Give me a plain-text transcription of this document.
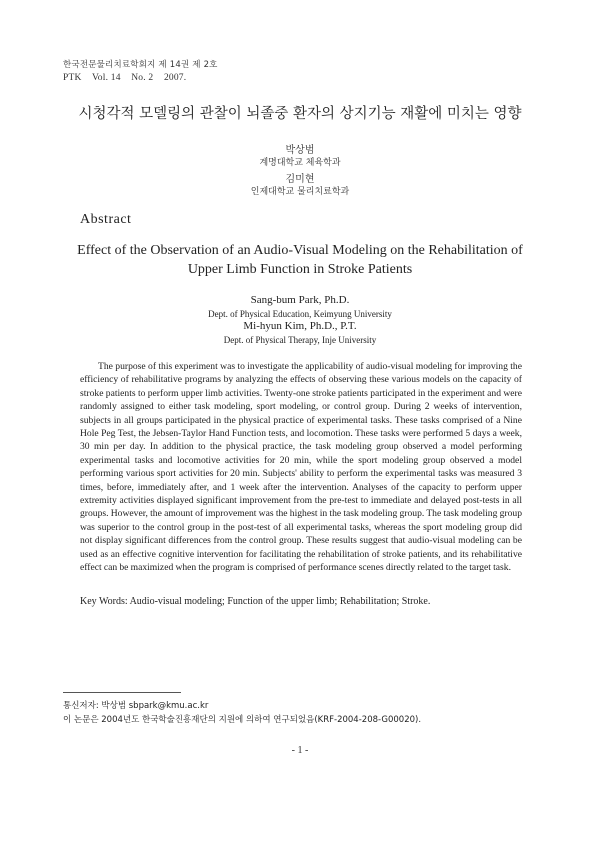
한국전문물리치료학회지 제 14권 제 2호
PTK Vol. 14 No. 2 2007.
시청각적 모델링의 관찰이 뇌졸중 환자의 상지기능 재활에 미치는 영향
박상범
계명대학교 체육학과
김미현
인제대학교 물리치료학과
Abstract
Effect of the Observation of an Audio-Visual Modeling on the Rehabilitation of Upper Limb Function in Stroke Patients
Sang-bum Park, Ph.D.
Dept. of Physical Education, Keimyung University
Mi-hyun Kim, Ph.D., P.T.
Dept. of Physical Therapy, Inje University

The purpose of this experiment was to investigate the applicability of audio-visual modeling for improving the efficiency of rehabilitative programs by analyzing the effects of observing these various models on the capacity of stroke patients to perform upper limb activities. Twenty-one stroke patients participated in the experiment and were randomly assigned to either task modeling, sport modeling, or control group. During 2 weeks of intervention, subjects in all groups participated in the physical practice of experimental tasks. These tasks comprised of a Nine Hole Peg Test, the Jebsen-Taylor Hand Function tests, and locomotion. These tasks were performed 5 days a week, 30 min per day. In addition to the physical practice, the task modeling group observed a model performing experimental tasks and locomotive activities for 20 min, while the sport modeling group observed a model performing various sport activities for 20 min. Subjects' ability to perform the experimental tasks was measured 3 times, before, immediately after, and 1 week after the intervention. Analyses of the capacity to perform upper extremity activities displayed significant improvement from the pre-test to immediate and delayed post-tests in all groups. However, the amount of improvement was the highest in the task modeling group. The task modeling group was superior to the control group in the post-test of all experimental tasks, whereas the sport modeling group did not display significant differences from the control group. These results suggest that audio-visual modeling can be used as an effective cognitive intervention for facilitating the rehabilitation of stroke patients, and its rehabilitative effect can be maximized when the program is comprised of performance scenes directly related to the target task.

Key Words: Audio-visual modeling; Function of the upper limb; Rehabilitation; Stroke.
통신저자: 박상범 sbpark@kmu.ac.kr
이 논문은 2004년도 한국학술진흥재단의 지원에 의하여 연구되었음(KRF-2004-208-G00020).
- 1 -
